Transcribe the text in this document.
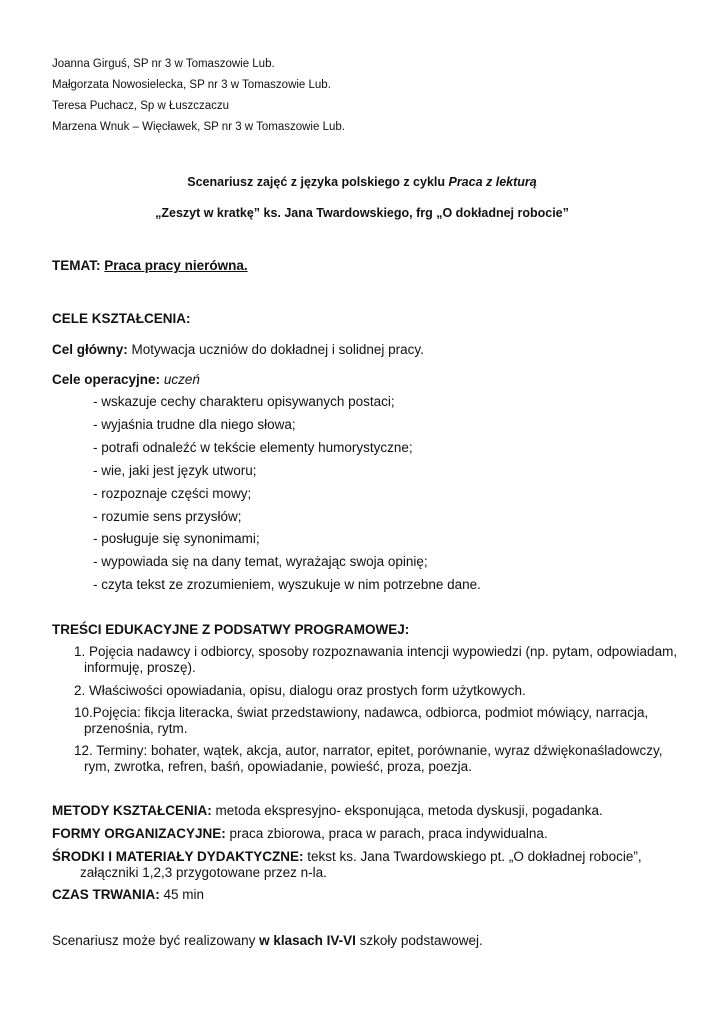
Joanna Girguś, SP nr 3 w Tomaszowie Lub.
Małgorzata Nowosielecka, SP nr 3 w Tomaszowie Lub.
Teresa Puchacz, Sp w Łuszczaczu
Marzena Wnuk – Więcławek, SP nr 3 w Tomaszowie Lub.
Scenariusz zajęć z języka polskiego z cyklu Praca z lekturą
„Zeszyt w kratkę” ks. Jana Twardowskiego, frg „O dokładnej robocie”
TEMAT: Praca pracy nierówna.
CELE KSZTAŁCENIA:
Cel główny: Motywacja uczniów do dokładnej i solidnej pracy.
Cele operacyjne: uczeń
- wskazuje cechy charakteru opisywanych postaci;
- wyjaśnia trudne dla niego słowa;
- potrafi odnaleźć w tekście elementy humorystyczne;
- wie, jaki jest język utworu;
- rozpoznaje części mowy;
- rozumie sens przysłów;
- posługuje się synonimami;
- wypowiada się na dany temat, wyrażając swoja opinię;
- czyta tekst ze zrozumieniem, wyszukuje w nim potrzebne dane.
TREŚCI EDUKACYJNE Z PODSATWY PROGRAMOWEJ:
1. Pojęcia nadawcy i odbiorcy, sposoby rozpoznawania intencji wypowiedzi (np. pytam, odpowiadam,
informuję, proszę).
2. Właściwości opowiadania, opisu, dialogu oraz prostych form użytkowych.
10.Pojęcia: fikcja literacka, świat przedstawiony, nadawca, odbiorca, podmiot mówiący, narracja,
przenośnia, rytm.
12. Terminy: bohater, wątek, akcja, autor, narrator, epitet, porównanie, wyraz dźwiękonaśladowczy,
rym, zwrotka, refren, baśń, opowiadanie, powieść, proza, poezja.
METODY KSZTAŁCENIA: metoda ekspresyjno- eksponująca, metoda dyskusji, pogadanka.
FORMY ORGANIZACYJNE: praca zbiorowa, praca w parach, praca indywidualna.
ŚRODKI I MATERIAŁY DYDAKTYCZNE: tekst ks. Jana Twardowskiego pt. „O dokładnej robocie”,
załączniki 1,2,3 przygotowane przez n-la.
CZAS TRWANIA: 45 min
Scenariusz może być realizowany w klasach IV-VI szkoły podstawowej.
